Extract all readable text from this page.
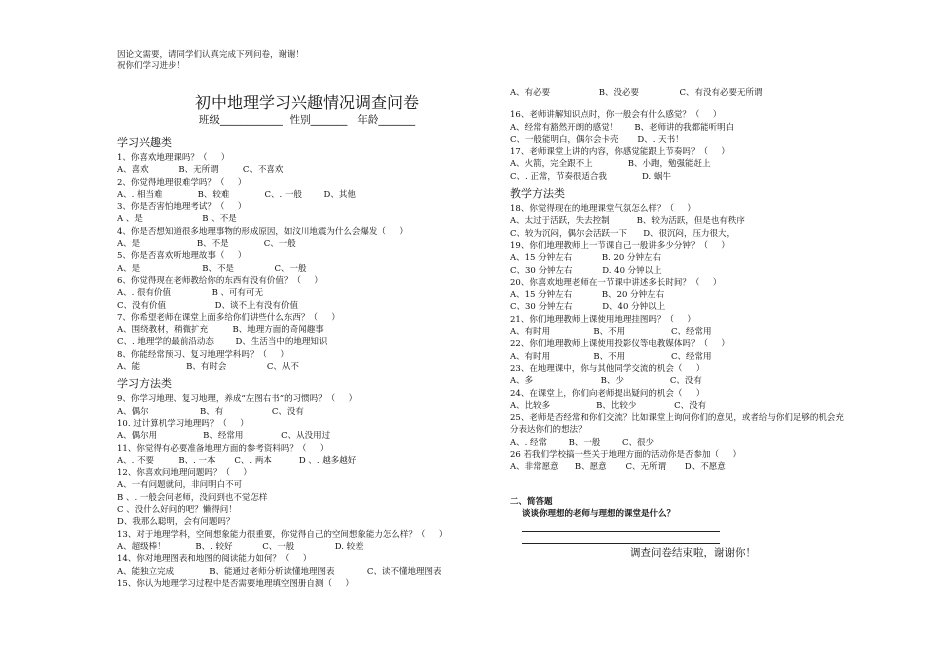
因论文需要，请同学们认真完成下列问卷，谢谢！
祝你们学习进步！
初中地理学习兴趣情况调查问卷
班级____________  性别_______   年龄_______
学习兴趣类
1、你喜欢地理课吗？（     ）
A、喜欢           B、无所谓         C、不喜欢
2、你觉得地理很难学吗？（     ）
A、. 相当难             B、较难             C、. 一般        D、其他
3、你是否害怕地理考试？（     ）
A 、是                      B 、不是
4、你是否想知道很多地理事物的形成原因，如汶川地震为什么会爆发（     ）
A、是                     B、不是             C、一般
5、你是否喜欢听地理故事（     ）
A、是                       B、不是               C、一般
6、你觉得现在老师教给你的东西有没有价值？（     ）
A、. 很有价值               B 、可有可无
C、没有价值                  D、谈不上有没有价值
7、你希望老师在课堂上面多给你们讲些什么东西？（     ）
A、围绕教材，稍微扩充         B、地理方面的奇闻趣事
C、. 地理学的最前沿动态        D、生活当中的地理知识
8、你能经常预习、复习地理学科吗？（     ）
A、能                 B、有时会               C、从不
学习方法类
9、你学习地理、复习地理，养成“左图右书”的习惯吗？（     ）
A、偶尔                   B、有                  C、没有
10. 过计算机学习地理吗？（     ）
A、偶尔用                 B、经常用              C、从没用过
11、你觉得有必要准备地理方面的参考资料吗？（     ）
A、. 不要         B、. 一本       C、. 两本          D 、. 越多越好
12、你喜欢问地理问题吗？（     ）
A、一有问题就问，非问明白不可
B 、. 一般会问老师，没问到也不觉怎样
C 、没什么好问的吧？懒得问！
D、我那么聪明，会有问题吗？
13、对于地理学科，空间想象能力很重要，你觉得自己的空间想象能力怎么样？（     ）
A、超级棒！           B、. 较好           C、一般               D. 较差
14、你对地理图表和地图的阅读能力如何？（     ）
A、能独立完成             B、能通过老师分析读懂地理图表            C、读不懂地理图表
15、你认为地理学习过程中是否需要地理填空图册自测（     ）
A、有必要                  B、没必要               C、有没有必要无所谓
16、老师讲解知识点时，你一般会有什么感觉？（     ）
A、经常有豁然开朗的感觉！      B、老师讲的我都能听明白
C、一般能明白，偶尔会卡壳       D、. 天书！
17、老师课堂上讲的内容，你感觉能跟上节奏吗？（     ）
A、火箭，完全跟不上             B、小跑，勉强能赶上
C、. 正常，节奏很适合我             D. 蜗牛
教学方法类
18、你觉得现在的地理课堂气氛怎么样？（     ）
A、太过于活跃，失去控制          B、较为活跃，但是也有秩序
C、较为沉闷，偶尔会活跃一下      D、很沉闷，压力很大，
19、你们地理教师上一节课自己一般讲多少分钟？（     ）
A、15 分钟左右           B. 20 分钟左右
C、30 分钟左右           D. 40 分钟以上
20、你喜欢地理老师在一节课中讲述多长时间？（     ）
A、15 分钟左右           B、20 分钟左右
C、30 分钟左右           D、40 分钟以上
21、你们地理教师上课使用地理挂图吗？（     ）
A、有时用                B、不用                 C、经常用
22、你们地理教师上课使用投影仪等电教媒体吗？（     ）
A、有时用                B、不用                 C、经常用
23、在地理课中，你与其他同学交流的机会（     ）
A、多                         B、少                 C、没有
24、在课堂上，你们向老师提出疑问的机会（     ）
A、比较多                 B、比较少              C、没有
25、老师是否经常和你们交流？比如课堂上询问你们的意见，或者给与你们足够的机会充
分表达你们的想法？
A、. 经常        B、一般        C、很少
26 若我们学校搞一些关于地理方面的活动你是否参加（     ）
A、非常愿意      B、愿意       C、无所谓       D、不愿意
二、简答题
谈谈你理想的老师与理想的课堂是什么？
调查问卷结束啦，谢谢你！
